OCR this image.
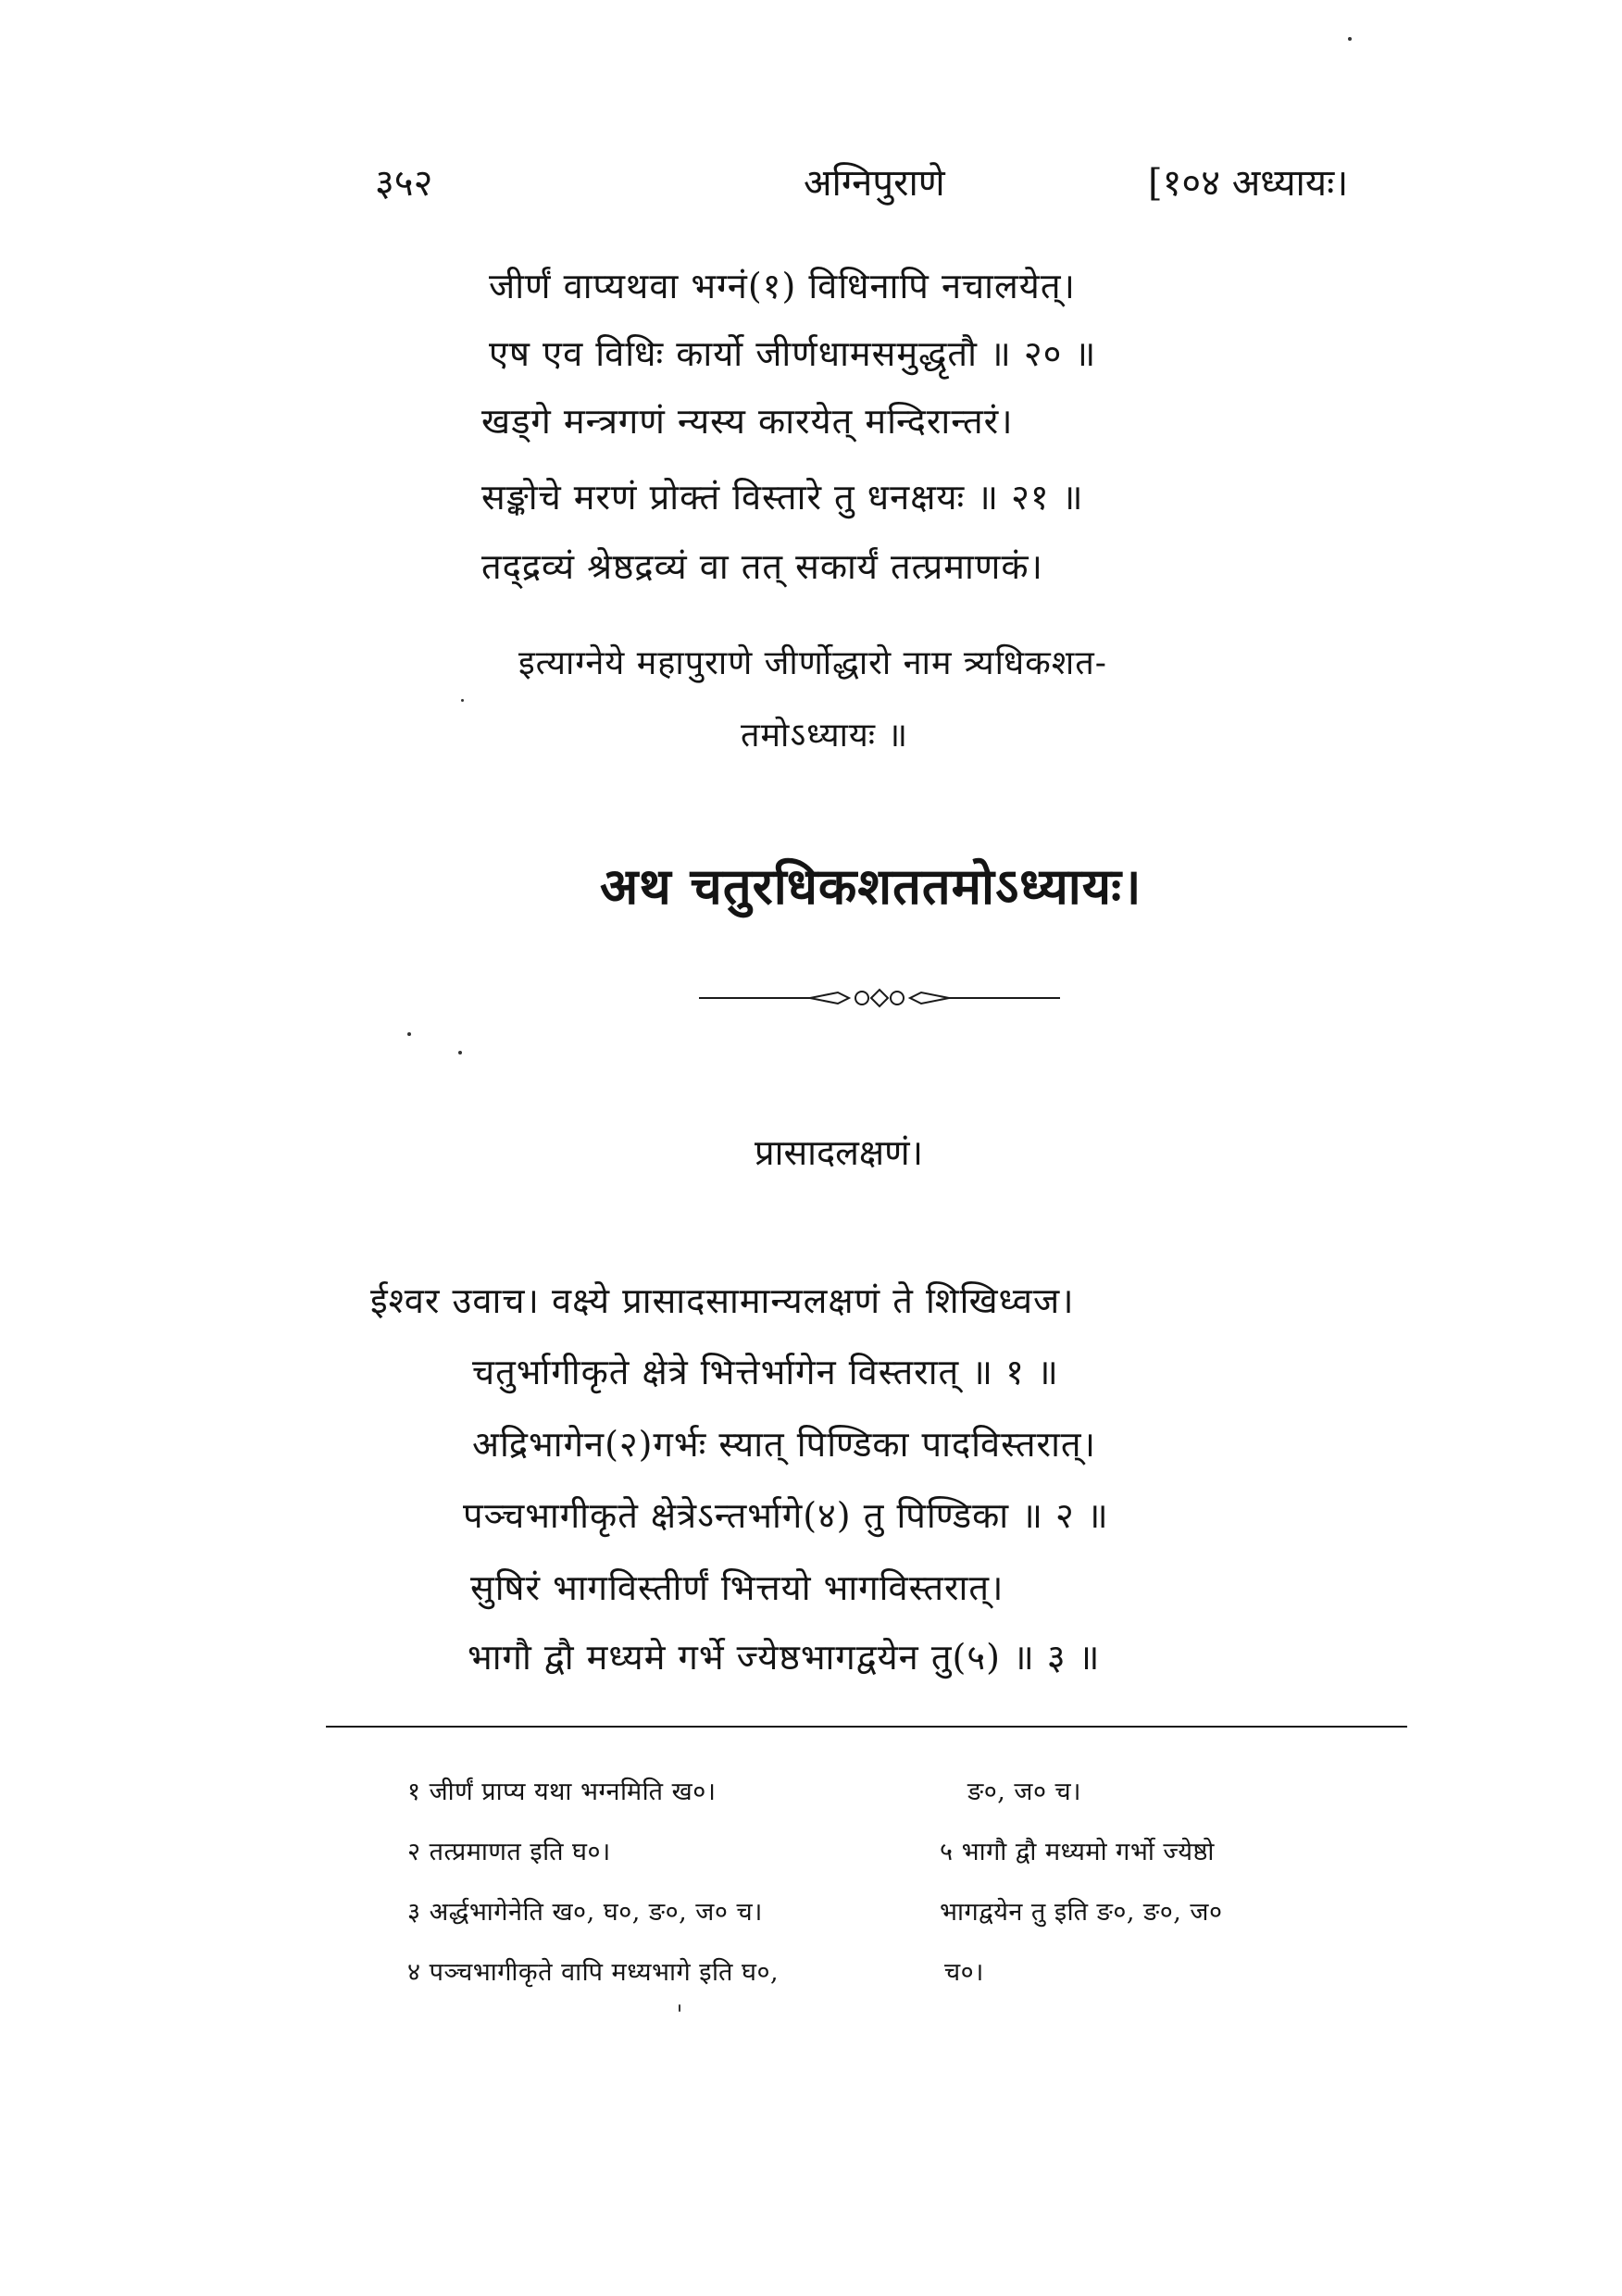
३५२	अग्निपुराणे	[१०४ अध्यायः।
जीर्णं वाप्यथवा भग्नं(१) विधिनापि नचालयेत्।
एष एव विधिः कार्यो जीर्णधामसमुद्धृतौ ॥ २० ॥
खड्गे मन्त्रगणं न्यस्य कारयेत् मन्दिरान्तरं।
सङ्कोचे मरणं प्रोक्तं विस्तारे तु धनक्षयः ॥ २१ ॥
तद्द्रव्यं श्रेष्ठद्रव्यं वा तत् सकार्यं तत्प्रमाणकं।
इत्याग्नेये महापुराणे जीर्णोद्धारो नाम त्र्यधिकशत-
तमोऽध्यायः ॥
अथ चतुरधिकशततमोऽध्यायः।
प्रासादलक्षणं।
ईश्वर उवाच। वक्ष्ये प्रासादसामान्यलक्षणं ते शिखिध्वज।
चतुर्भागीकृते क्षेत्रे भित्तेर्भागेन विस्तरात् ॥ १ ॥
अद्रिभागेन(२)गर्भः स्यात् पिण्डिका पादविस्तरात्।
पञ्चभागीकृते क्षेत्रेऽन्तर्भागे(४) तु पिण्डिका ॥ २ ॥
सुषिरं भागविस्तीर्णं भित्तयो भागविस्तरात्।
भागौ द्वौ मध्यमे गर्भे ज्येष्ठभागद्वयेन तु(५) ॥ ३ ॥
१ जीर्णं प्राप्य यथा भग्नमिति ख०।
२ तत्प्रमाणत इति घ०।
३ अर्द्धभागेनेति ख०, घ०, ङ०, ज० च।
४ पञ्चभागीकृते वापि मध्यभागे इति घ०,
ङ०, ज० च।
५ भागौ द्वौ मध्यमो गर्भो ज्येष्ठो
भागद्वयेन तु इति ङ०, ङ०, ज०
च०।
